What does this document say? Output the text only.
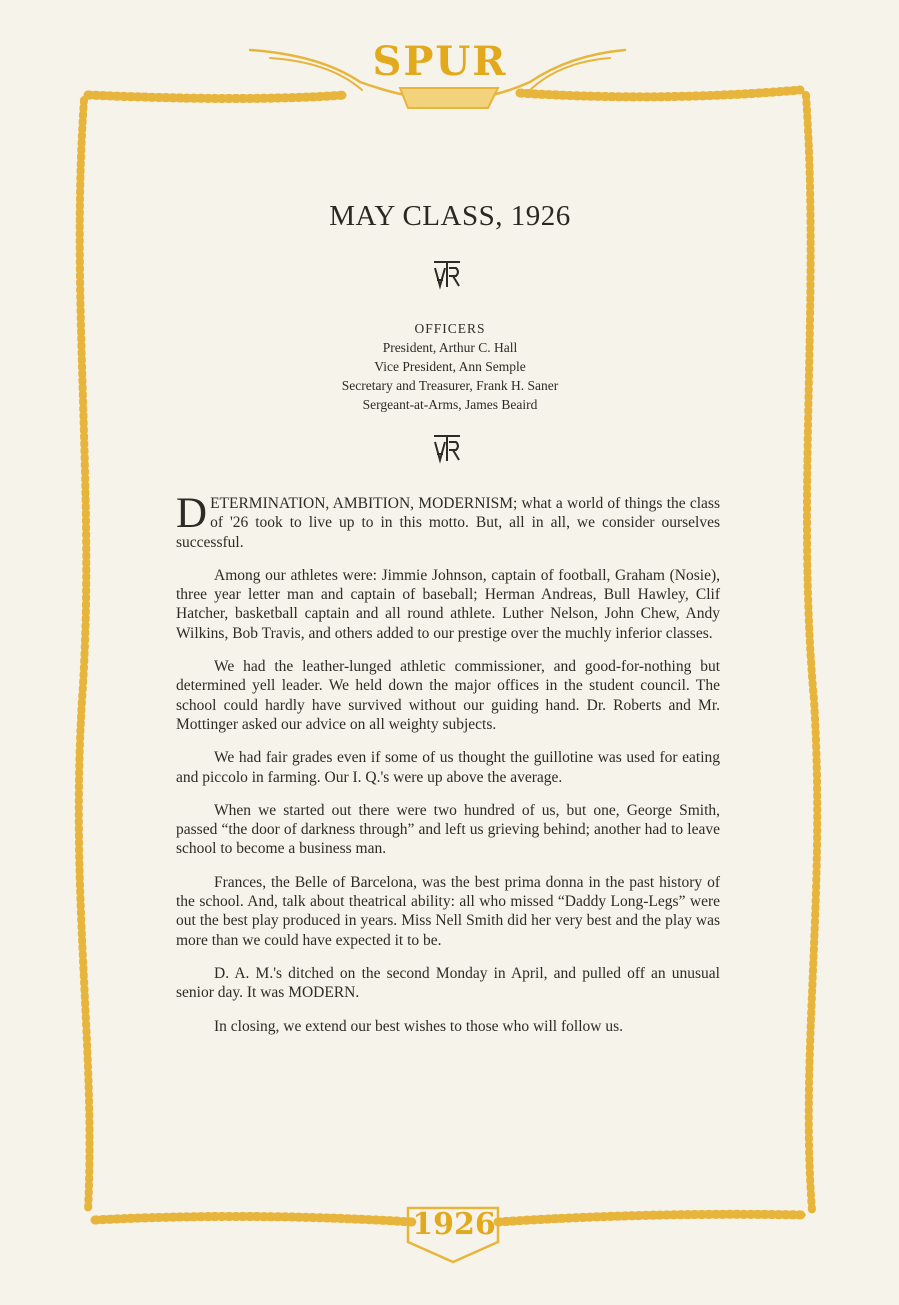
SPUR
1926
MAY CLASS, 1926
OFFICERS
President, Arthur C. Hall
Vice President, Ann Semple
Secretary and Treasurer, Frank H. Saner
Sergeant-at-Arms, James Beaird

DETERMINATION, AMBITION, MODERNISM; what a world of things the class of '26 took to live up to in this motto. But, all in all, we consider ourselves successful.

Among our athletes were: Jimmie Johnson, captain of football, Graham (Nosie), three year letter man and captain of baseball; Herman Andreas, Bull Hawley, Clif Hatcher, basketball captain and all round athlete. Luther Nelson, John Chew, Andy Wilkins, Bob Travis, and others added to our prestige over the muchly inferior classes.

We had the leather-lunged athletic commissioner, and good-for-nothing but determined yell leader. We held down the major offices in the student council. The school could hardly have survived without our guiding hand. Dr. Roberts and Mr. Mottinger asked our advice on all weighty subjects.

We had fair grades even if some of us thought the guillotine was used for eating and piccolo in farming. Our I. Q.'s were up above the average.

When we started out there were two hundred of us, but one, George Smith, passed “the door of darkness through” and left us grieving behind; another had to leave school to become a business man.

Frances, the Belle of Barcelona, was the best prima donna in the past history of the school. And, talk about theatrical ability: all who missed “Daddy Long-Legs” were out the best play produced in years. Miss Nell Smith did her very best and the play was more than we could have expected it to be.

D. A. M.'s ditched on the second Monday in April, and pulled off an unusual senior day. It was MODERN.

In closing, we extend our best wishes to those who will follow us.
